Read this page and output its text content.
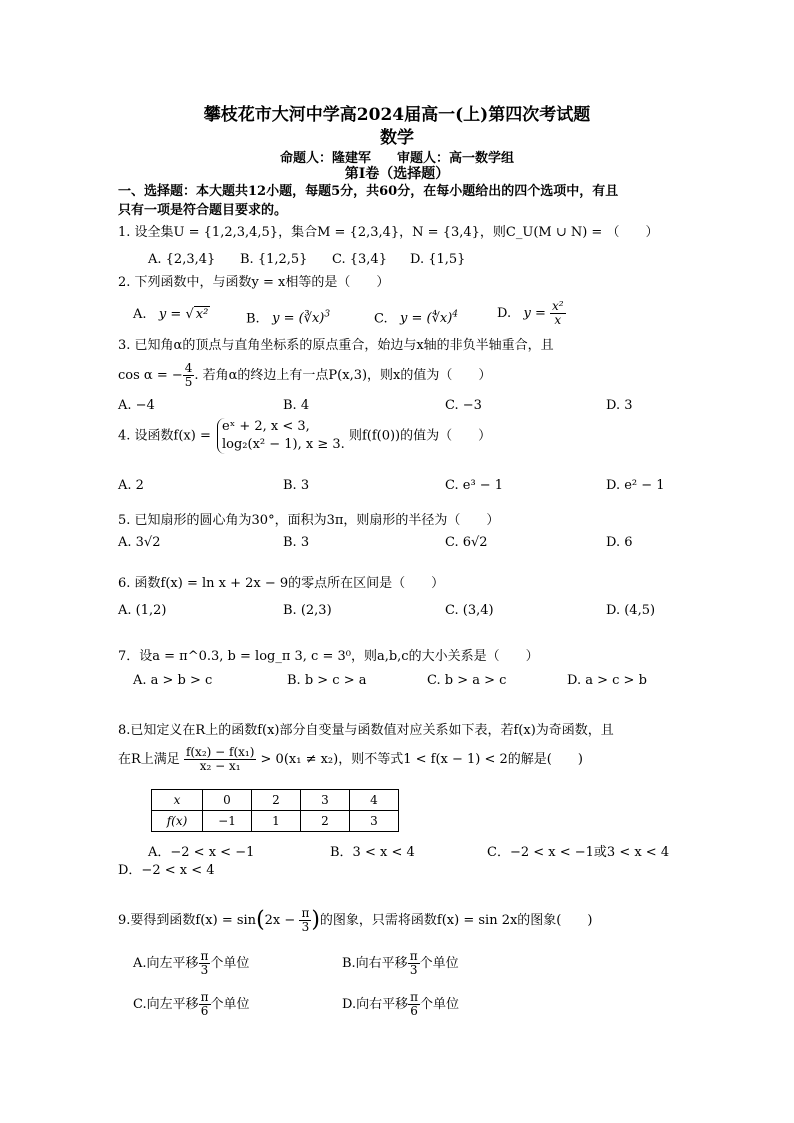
攀枝花市大河中学高2024届高一(上)第四次考试题
数学
命题人：隆建军　　审题人：高一数学组
第Ⅰ卷（选择题）
一、选择题：本大题共12小题，每题5分，共60分，在每小题给出的四个选项中，有且
只有一项是符合题目要求的。
1. 设全集U = {1,2,3,4,5}，集合M = {2,3,4}，N = {3,4}，则C_U(M ∪ N) = （　　）
A. {2,3,4} B. {1,2,5} C. {3,4} D. {1,5}
2. 下列函数中，与函数y = x相等的是（　　）
A.   y = √ x²	B.   y = (∛x)$^3$	C.   y = (∜x)$^4$	D.   $y = \frac{\text{x²}}{x}$
3. 已知角α的顶点与直角坐标系的原点重合，始边与x轴的非负半轴重合，且
cos α = − $\frac{4}{5}$ . 若角α的终边上有一点P(x,3)，则x的值为（　　）
A. −4	B. 4	C. −3	D. 3
4. 设函数f(x) =
eˣ + 2, x < 3,
log₂(x² − 1), x ≥ 3.
则f(f(0))的值为（　　）
A. 2	B. 3	C. e³ − 1	D. e² − 1
5. 已知扇形的圆心角为30°，面积为3π，则扇形的半径为（　　）
A. 3√2	B. 3	C. 6√2	D. 6
6. 函数f(x) = ln x + 2x − 9的零点所在区间是（　　）
A. (1,2)	B. (2,3)	C. (3,4)	D. (4,5)
7．设a = π^0.3, b = log_π 3, c = 3⁰，则a,b,c的大小关系是（　　）
A. a > b > c	B. b > c > a	C. b > a > c	D. a > c > b
8.已知定义在R上的函数f(x)部分自变量与函数值对应关系如下表，若f(x)为奇函数，且
在R上满足 $\frac{\text{f(x₂) − f(x₁)}}{\text{x₂ − x₁}} > 0(x_1 \ne x_2)$，则不等式1 < f(x − 1) < 2的解是(　　)
x	0	2	3	4
f(x)	−1	1	2	3
A．−2 < x < −1	B．3 < x < 4	C．−2 < x < −1或3 < x < 4
D．−2 < x < 4
9.要得到函数$f(x) = \sin(2x - \frac{\pi}{3}$ )的图象，只需将函数f(x) = sin 2x的图象(　　)
A.向左平移 $\frac{\pi}{3}$ 个单位	B.向右平移 $\frac{\pi}{3}$ 个单位
C.向左平移 $\frac{\pi}{6}$ 个单位	D.向右平移 $\frac{\pi}{6}$ 个单位
